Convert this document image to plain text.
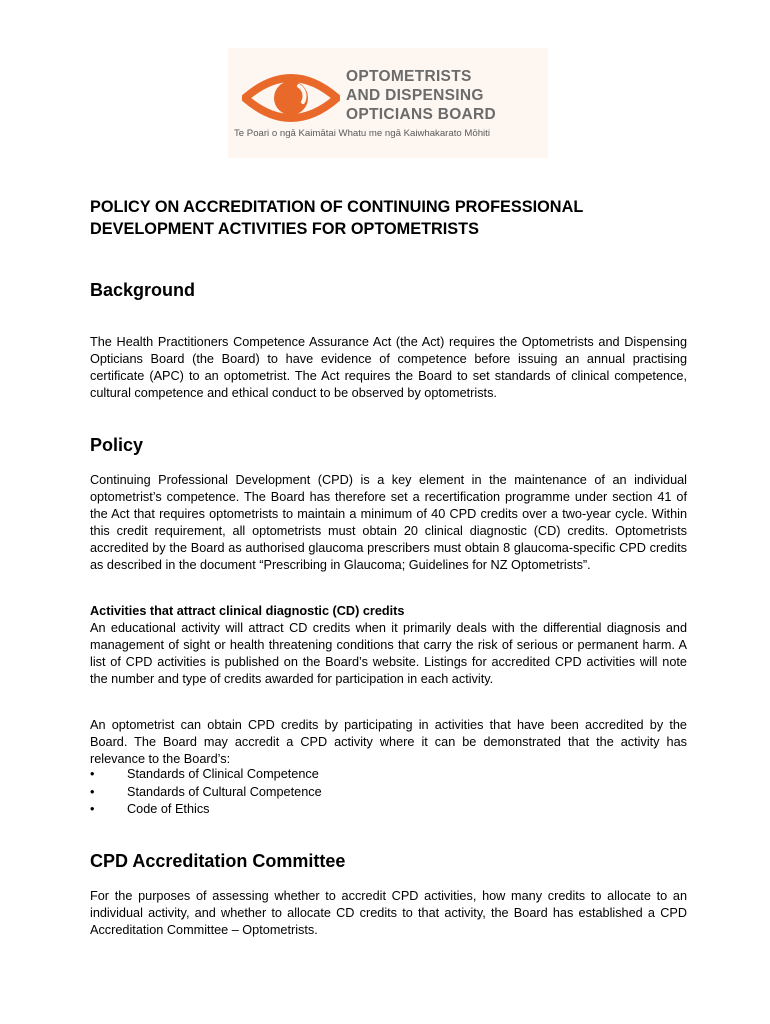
OPTOMETRISTS
AND DISPENSING
OPTICIANS BOARD
Te Poari o ngā Kaimātai Whatu me ngā Kaiwhakarato Mōhiti
POLICY ON ACCREDITATION OF CONTINUING PROFESSIONAL DEVELOPMENT ACTIVITIES FOR OPTOMETRISTS
Background
The Health Practitioners Competence Assurance Act (the Act) requires the Optometrists and Dispensing Opticians Board (the Board) to have evidence of competence before issuing an annual practising certificate (APC) to an optometrist. The Act requires the Board to set standards of clinical competence, cultural competence and ethical conduct to be observed by optometrists.
Policy
Continuing Professional Development (CPD) is a key element in the maintenance of an individual optometrist’s competence. The Board has therefore set a recertification programme under section 41 of the Act that requires optometrists to maintain a minimum of 40 CPD credits over a two-year cycle. Within this credit requirement, all optometrists must obtain 20 clinical diagnostic (CD) credits. Optometrists accredited by the Board as authorised glaucoma prescribers must obtain 8 glaucoma-specific CPD credits as described in the document “Prescribing in Glaucoma; Guidelines for NZ Optometrists”.
Activities that attract clinical diagnostic (CD) credits
An educational activity will attract CD credits when it primarily deals with the differential diagnosis and management of sight or health threatening conditions that carry the risk of serious or permanent harm. A list of CPD activities is published on the Board’s website. Listings for accredited CPD activities will note the number and type of credits awarded for participation in each activity.
An optometrist can obtain CPD credits by participating in activities that have been accredited by the Board. The Board may accredit a CPD activity where it can be demonstrated that the activity has relevance to the Board’s:
•	Standards of Clinical Competence
•	Standards of Cultural Competence
•	Code of Ethics
CPD Accreditation Committee
For the purposes of assessing whether to accredit CPD activities, how many credits to allocate to an individual activity, and whether to allocate CD credits to that activity, the Board has established a CPD Accreditation Committee – Optometrists.
